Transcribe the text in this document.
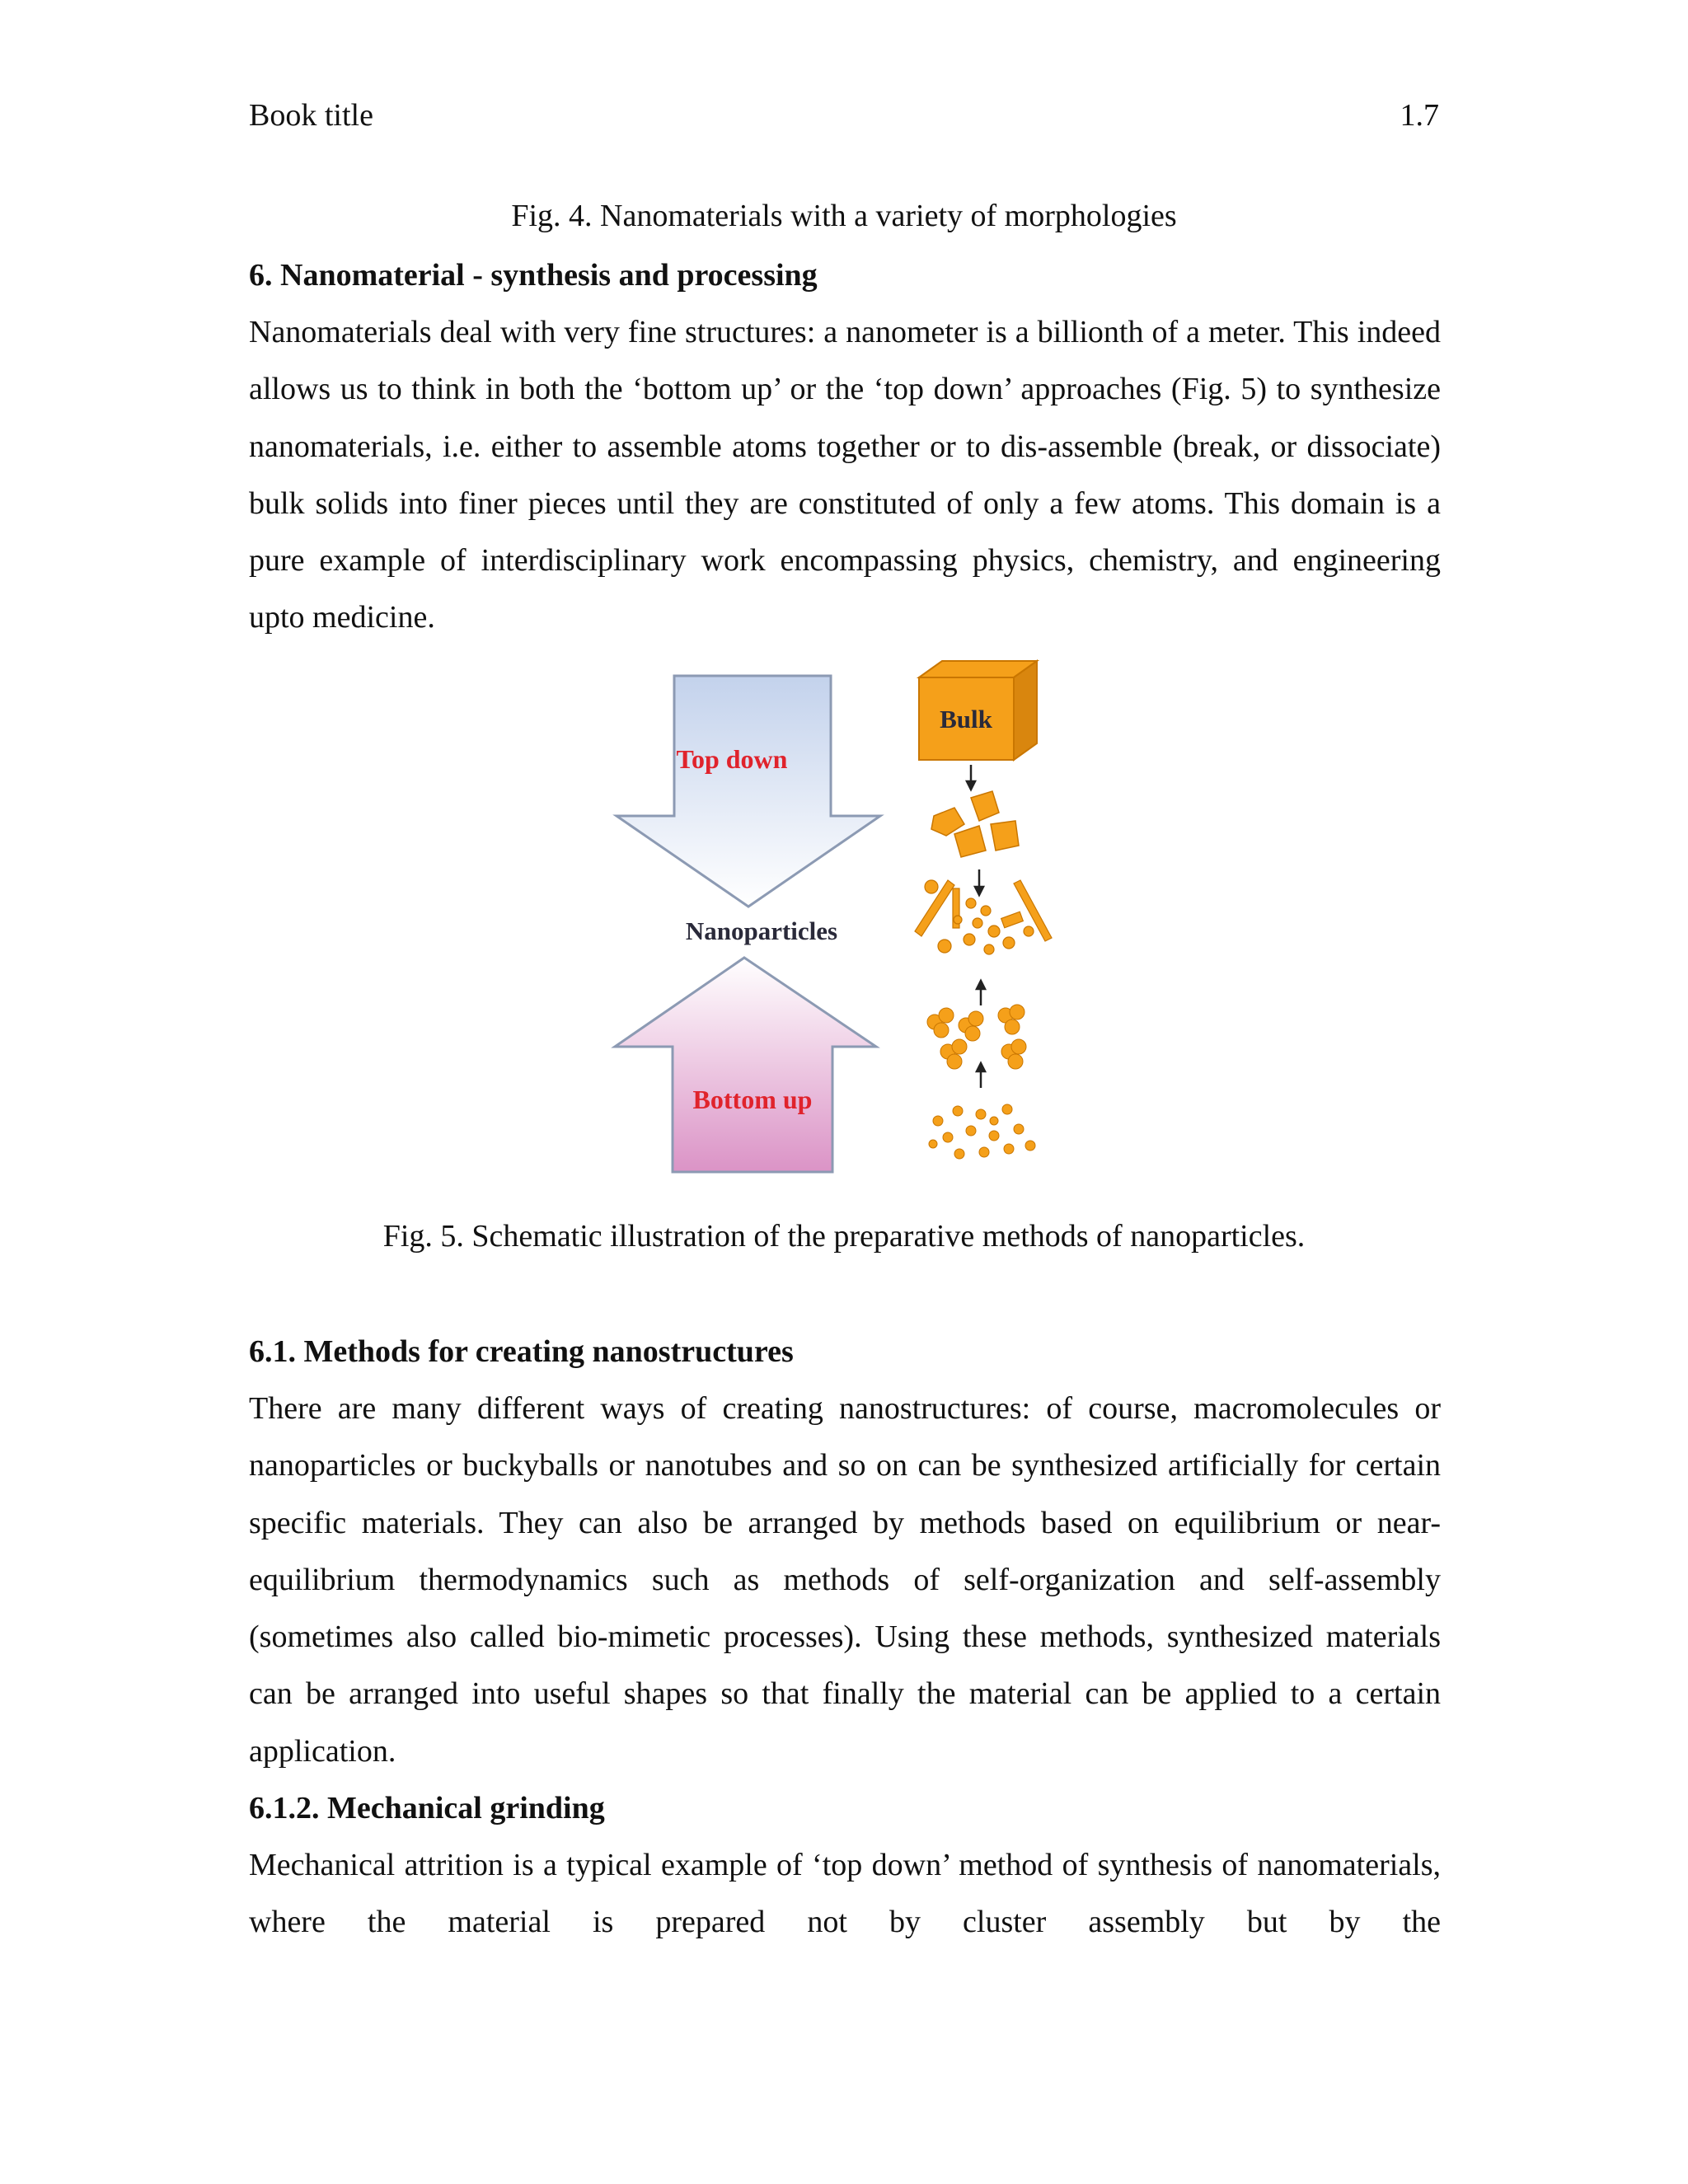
Book title	1.7
Fig. 4. Nanomaterials with a variety of morphologies
6. Nanomaterial - synthesis and processing

Nanomaterials deal with very fine structures: a nanometer is a billionth of a meter. This indeed allows us to think in both the ‘bottom up’ or the ‘top down’ approaches (Fig. 5) to synthesize nanomaterials, i.e. either to assemble atoms together or to dis-assemble (break, or dissociate) bulk solids into finer pieces until they are constituted of only a few atoms. This domain is a pure example of interdisciplinary work encompassing physics, chemistry, and engineering upto medicine.

Top down
Nanoparticles
Bottom up
Bulk
Fig. 5. Schematic illustration of the preparative methods of nanoparticles.
6.1. Methods for creating nanostructures

There are many different ways of creating nanostructures: of course, macromolecules or nanoparticles or buckyballs or nanotubes and so on can be synthesized artificially for certain specific materials. They can also be arranged by methods based on equilibrium or near-equilibrium thermodynamics such as methods of self-organization and self-assembly (sometimes also called bio-mimetic processes). Using these methods, synthesized materials can be arranged into useful shapes so that finally the material can be applied to a certain application.

6.1.2. Mechanical grinding

Mechanical attrition is a typical example of ‘top down’ method of synthesis of nanomaterials, where the material is prepared not by cluster assembly but by the
